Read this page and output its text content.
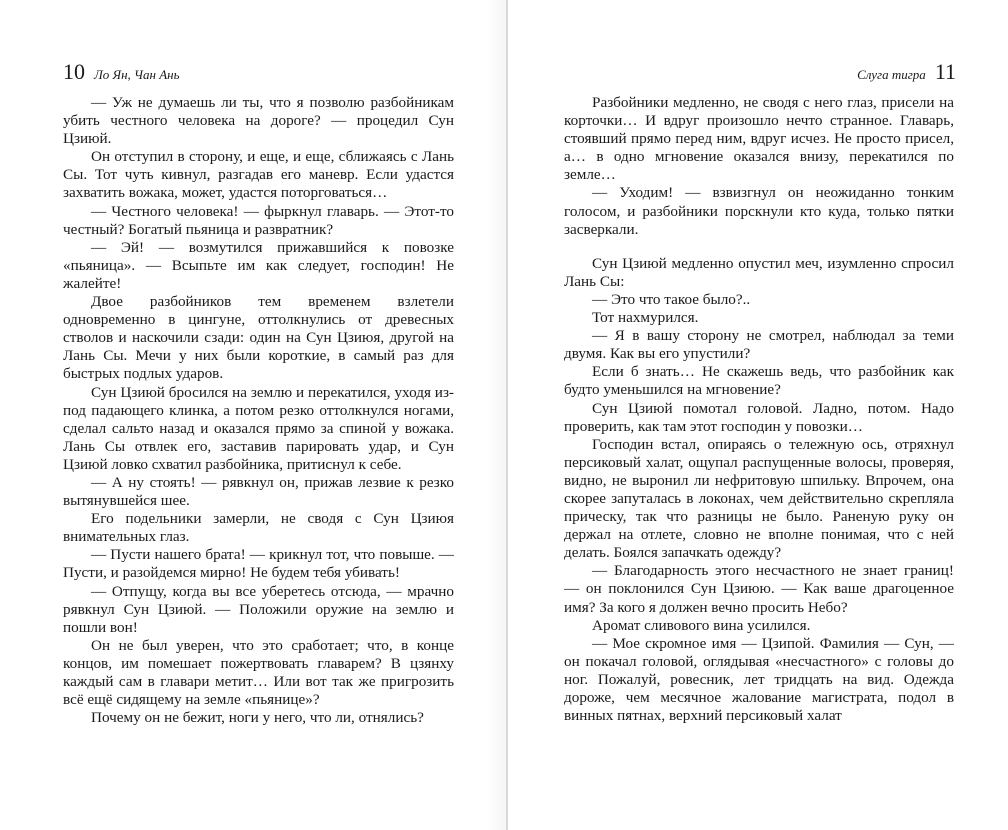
10 Ло Ян, Чан Ань

— Уж не думаешь ли ты, что я позволю разбойникам убить честного человека на дороге? — процедил Сун Цзиюй.

Он отступил в сторону, и еще, и еще, сближаясь с Лань Сы. Тот чуть кивнул, разгадав его маневр. Если удастся захватить вожака, может, удастся поторговаться…

— Честного человека! — фыркнул главарь. — Этот-то честный? Богатый пьяница и развратник?

— Эй! — возмутился прижавшийся к повозке «пьяница». — Всыпьте им как следует, господин! Не жалейте!

Двое разбойников тем временем взлетели одновременно в цингуне, оттолкнулись от древесных стволов и наскочили сзади: один на Сун Цзиюя, другой на Лань Сы. Мечи у них были короткие, в самый раз для быстрых подлых ударов.

Сун Цзиюй бросился на землю и перекатился, уходя из-под падающего клинка, а потом резко оттолкнулся ногами, сделал сальто назад и оказался прямо за спиной у вожака. Лань Сы отвлек его, заставив парировать удар, и Сун Цзиюй ловко схватил разбойника, притиснул к себе.

— А ну стоять! — рявкнул он, прижав лезвие к резко вытянувшейся шее.

Его подельники замерли, не сводя с Сун Цзиюя внимательных глаз.

— Пусти нашего брата! — крикнул тот, что повыше. — Пусти, и разойдемся мирно! Не будем тебя убивать!

— Отпущу, когда вы все уберетесь отсюда, — мрачно рявкнул Сун Цзиюй. — Положили оружие на землю и пошли вон!

Он не был уверен, что это сработает; что, в конце концов, им помешает пожертвовать главарем? В цзянху каждый сам в главари метит… Или вот так же пригрозить всё ещё сидящему на земле «пьянице»?

Почему он не бежит, ноги у него, что ли, отнялись?

Слуга тигра 11

Разбойники медленно, не сводя с него глаз, присели на корточки… И вдруг произошло нечто странное. Главарь, стоявший прямо перед ним, вдруг исчез. Не просто присел, а… в одно мгновение оказался внизу, перекатился по земле…

— Уходим! — взвизгнул он неожиданно тонким голосом, и разбойники порскнули кто куда, только пятки засверкали.

Сун Цзиюй медленно опустил меч, изумленно спросил Лань Сы:

— Это что такое было?..

Тот нахмурился.

— Я в вашу сторону не смотрел, наблюдал за теми двумя. Как вы его упустили?

Если б знать… Не скажешь ведь, что разбойник как будто уменьшился на мгновение?

Сун Цзиюй помотал головой. Ладно, потом. Надо проверить, как там этот господин у повозки…

Господин встал, опираясь о тележную ось, отряхнул персиковый халат, ощупал распущенные волосы, проверяя, видно, не выронил ли нефритовую шпильку. Впрочем, она скорее запуталась в локонах, чем действительно скрепляла прическу, так что разницы не было. Раненую руку он держал на отлете, словно не вполне понимая, что с ней делать. Боялся запачкать одежду?

— Благодарность этого несчастного не знает границ! — он поклонился Сун Цзиюю. — Как ваше драгоценное имя? За кого я должен вечно просить Небо?

Аромат сливового вина усилился.

— Мое скромное имя — Цзипой. Фамилия — Сун, — он покачал головой, оглядывая «несчастного» с головы до ног. Пожалуй, ровесник, лет тридцать на вид. Одежда дороже, чем месячное жалование магистрата, подол в винных пятнах, верхний персиковый халат
